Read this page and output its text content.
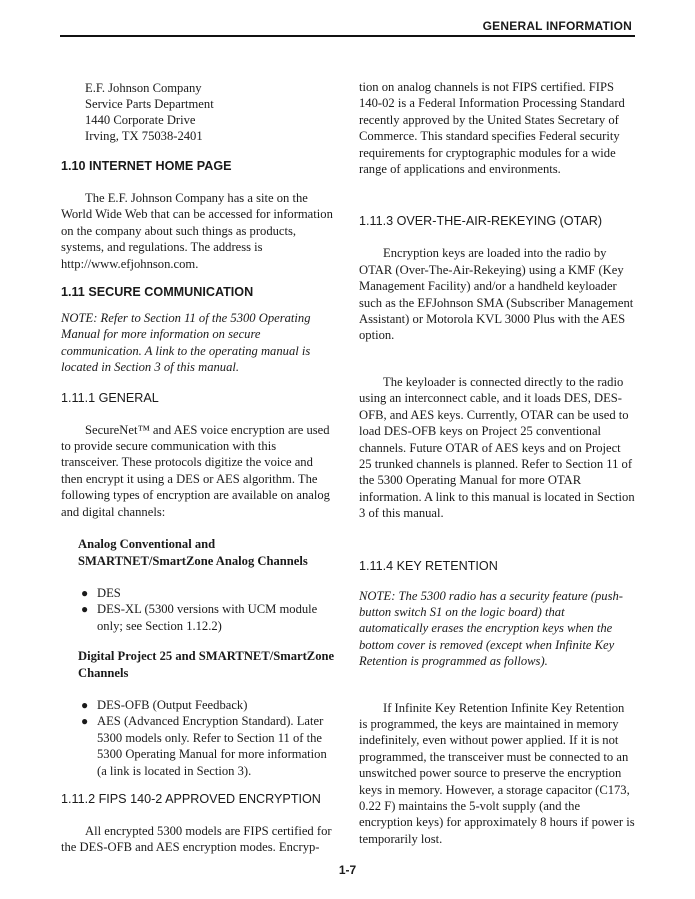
GENERAL INFORMATION
E.F. Johnson Company
Service Parts Department
1440 Corporate Drive
Irving, TX 75038-2401
1.10 INTERNET HOME PAGE

The E.F. Johnson Company has a site on the World Wide Web that can be accessed for information on the company about such things as products, systems, and regulations. The address is http://www.efjohnson.com.

1.11 SECURE COMMUNICATION

NOTE: Refer to Section 11 of the 5300 Operating Manual for more information on secure communication. A link to the operating manual is located in Section 3 of this manual.

1.11.1 GENERAL

SecureNet™ and AES voice encryption are used to provide secure communication with this transceiver. These protocols digitize the voice and then encrypt it using a DES or AES algorithm. The following types of encryption are available on analog and digital channels:

Analog Conventional and SMARTNET/SmartZone Analog Channels
● DES
● DES-XL (5300 versions with UCM module only; see Section 1.12.2)
Digital Project 25 and SMARTNET/SmartZone Channels
● DES-OFB (Output Feedback)
● AES (Advanced Encryption Standard). Later 5300 models only. Refer to Section 11 of the 5300 Operating Manual for more information (a link is located in Section 3).
1.11.2 FIPS 140-2 APPROVED ENCRYPTION

All encrypted 5300 models are FIPS certified for the DES-OFB and AES encryption modes. Encryp-

tion on analog channels is not FIPS certified. FIPS 140-02 is a Federal Information Processing Standard recently approved by the United States Secretary of Commerce. This standard specifies Federal security requirements for cryptographic modules for a wide range of applications and environments.

1.11.3 OVER-THE-AIR-REKEYING (OTAR)

Encryption keys are loaded into the radio by OTAR (Over-The-Air-Rekeying) using a KMF (Key Management Facility) and/or a handheld keyloader such as the EFJohnson SMA (Subscriber Management Assistant) or Motorola KVL 3000 Plus with the AES option.

The keyloader is connected directly to the radio using an interconnect cable, and it loads DES, DES-OFB, and AES keys. Currently, OTAR can be used to load DES-OFB keys on Project 25 conventional channels. Future OTAR of AES keys and on Project 25 trunked channels is planned. Refer to Section 11 of the 5300 Operating Manual for more OTAR information. A link to this manual is located in Section 3 of this manual.

1.11.4 KEY RETENTION

NOTE: The 5300 radio has a security feature (push-button switch S1 on the logic board) that automatically erases the encryption keys when the bottom cover is removed (except when Infinite Key Retention is programmed as follows).

If Infinite Key Retention Infinite Key Retention is programmed, the keys are maintained in memory indefinitely, even without power applied. If it is not programmed, the transceiver must be connected to an unswitched power source to preserve the encryption keys in memory. However, a storage capacitor (C173, 0.22 F) maintains the 5-volt supply (and the encryption keys) for approximately 8 hours if power is temporarily lost.

1-7
